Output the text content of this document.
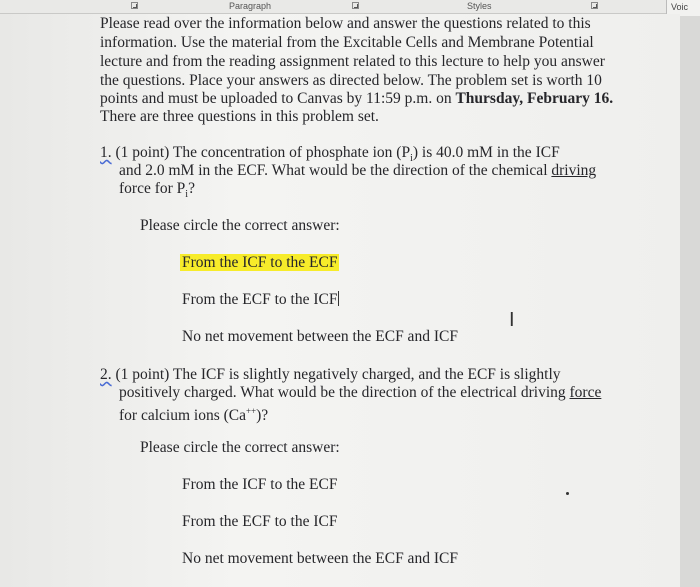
Paragraph	Styles	Voic
Please read over the information below and answer the questions related to this
information. Use the material from the Excitable Cells and Membrane Potential
lecture and from the reading assignment related to this lecture to help you answer
the questions. Place your answers as directed below. The problem set is worth 10
points and must be uploaded to Canvas by 11:59 p.m. on Thursday, February 16.
There are three questions in this problem set.
1. (1 point) The concentration of phosphate ion $(P_i)$ is 40.0 mM in the ICF
and 2.0 mM in the ECF. What would be the direction of the chemical driving
force for $P_i$?
Please circle the correct answer:
From the ICF to the ECF
From the ECF to the ICF
No net movement between the ECF and ICF
2. (1 point) The ICF is slightly negatively charged, and the ECF is slightly
positively charged. What would be the direction of the electrical driving force
for calcium ions (Ca++)?
Please circle the correct answer:
From the ICF to the ECF
From the ECF to the ICF
No net movement between the ECF and ICF
I
